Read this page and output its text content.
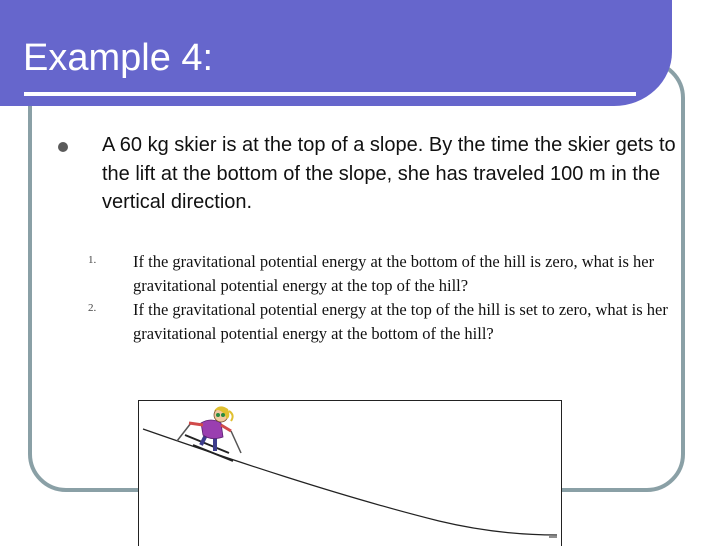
Example 4:

A 60 kg skier is at the top of a slope. By the time the skier gets to the lift at the bottom of the slope, she has traveled 100 m in the vertical direction.

1. If the gravitational potential energy at the bottom of the hill is zero, what is her gravitational potential energy at the top of the hill?
2. If the gravitational potential energy at the top of the hill is set to zero, what is her gravitational potential energy at the bottom of the hill?
